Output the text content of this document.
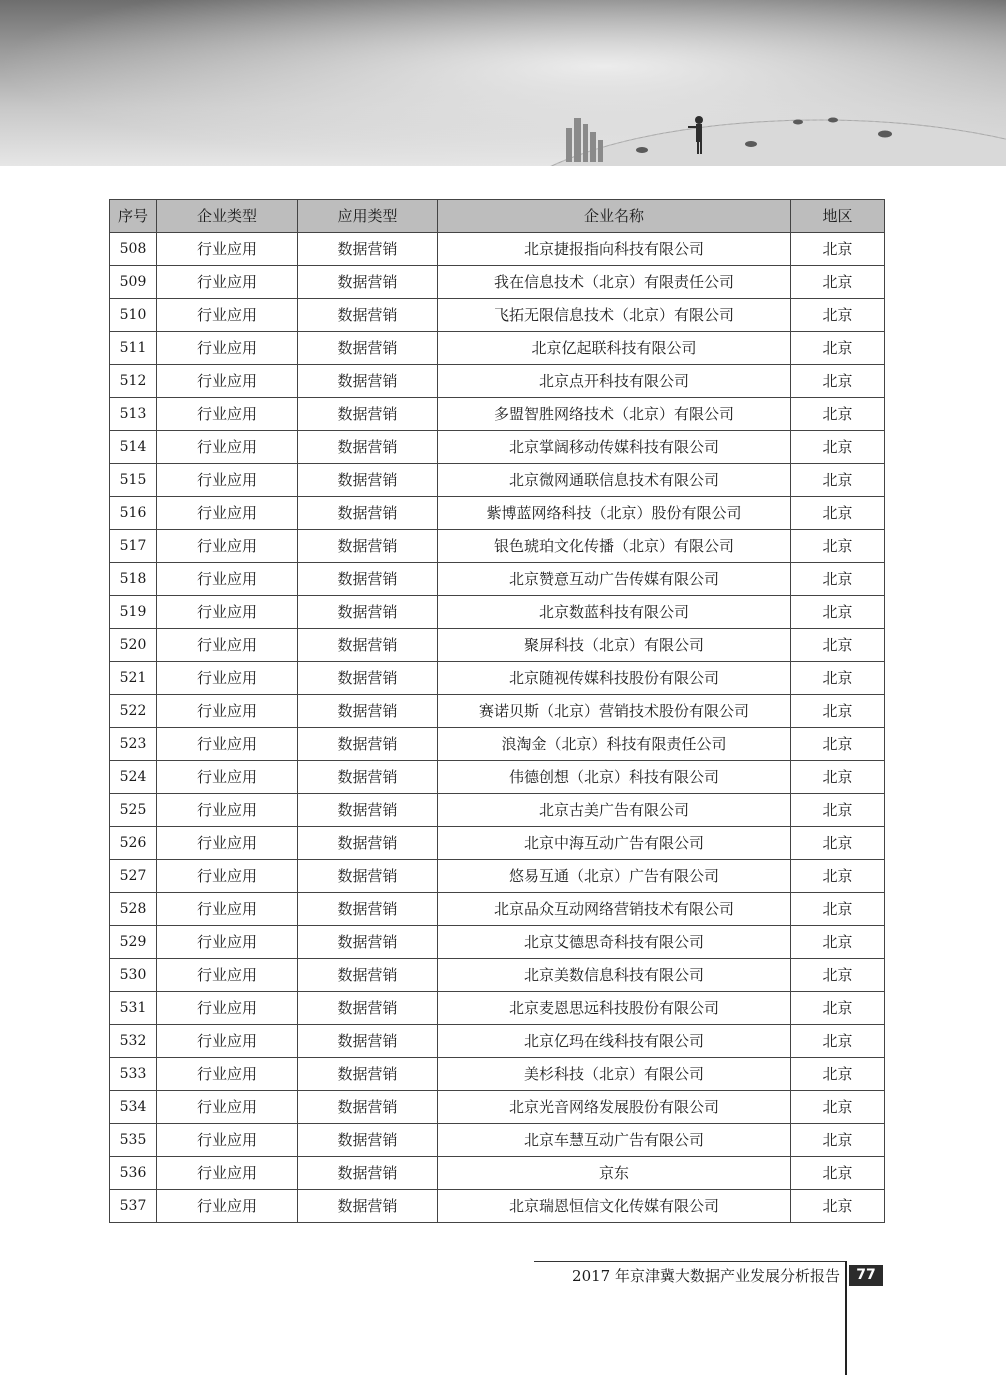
序号	企业类型	应用类型	企业名称	地区
508	行业应用	数据营销	北京捷报指向科技有限公司	北京
509	行业应用	数据营销	我在信息技术（北京）有限责任公司	北京
510	行业应用	数据营销	飞拓无限信息技术（北京）有限公司	北京
511	行业应用	数据营销	北京亿起联科技有限公司	北京
512	行业应用	数据营销	北京点开科技有限公司	北京
513	行业应用	数据营销	多盟智胜网络技术（北京）有限公司	北京
514	行业应用	数据营销	北京掌阔移动传媒科技有限公司	北京
515	行业应用	数据营销	北京微网通联信息技术有限公司	北京
516	行业应用	数据营销	紫博蓝网络科技（北京）股份有限公司	北京
517	行业应用	数据营销	银色琥珀文化传播（北京）有限公司	北京
518	行业应用	数据营销	北京赞意互动广告传媒有限公司	北京
519	行业应用	数据营销	北京数蓝科技有限公司	北京
520	行业应用	数据营销	聚屏科技（北京）有限公司	北京
521	行业应用	数据营销	北京随视传媒科技股份有限公司	北京
522	行业应用	数据营销	赛诺贝斯（北京）营销技术股份有限公司	北京
523	行业应用	数据营销	浪淘金（北京）科技有限责任公司	北京
524	行业应用	数据营销	伟德创想（北京）科技有限公司	北京
525	行业应用	数据营销	北京古美广告有限公司	北京
526	行业应用	数据营销	北京中海互动广告有限公司	北京
527	行业应用	数据营销	悠易互通（北京）广告有限公司	北京
528	行业应用	数据营销	北京品众互动网络营销技术有限公司	北京
529	行业应用	数据营销	北京艾德思奇科技有限公司	北京
530	行业应用	数据营销	北京美数信息科技有限公司	北京
531	行业应用	数据营销	北京麦恩思远科技股份有限公司	北京
532	行业应用	数据营销	北京亿玛在线科技有限公司	北京
533	行业应用	数据营销	美杉科技（北京）有限公司	北京
534	行业应用	数据营销	北京光音网络发展股份有限公司	北京
535	行业应用	数据营销	北京车慧互动广告有限公司	北京
536	行业应用	数据营销	京东	北京
537	行业应用	数据营销	北京瑞恩恒信文化传媒有限公司	北京
2017 年京津冀大数据产业发展分析报告	77
